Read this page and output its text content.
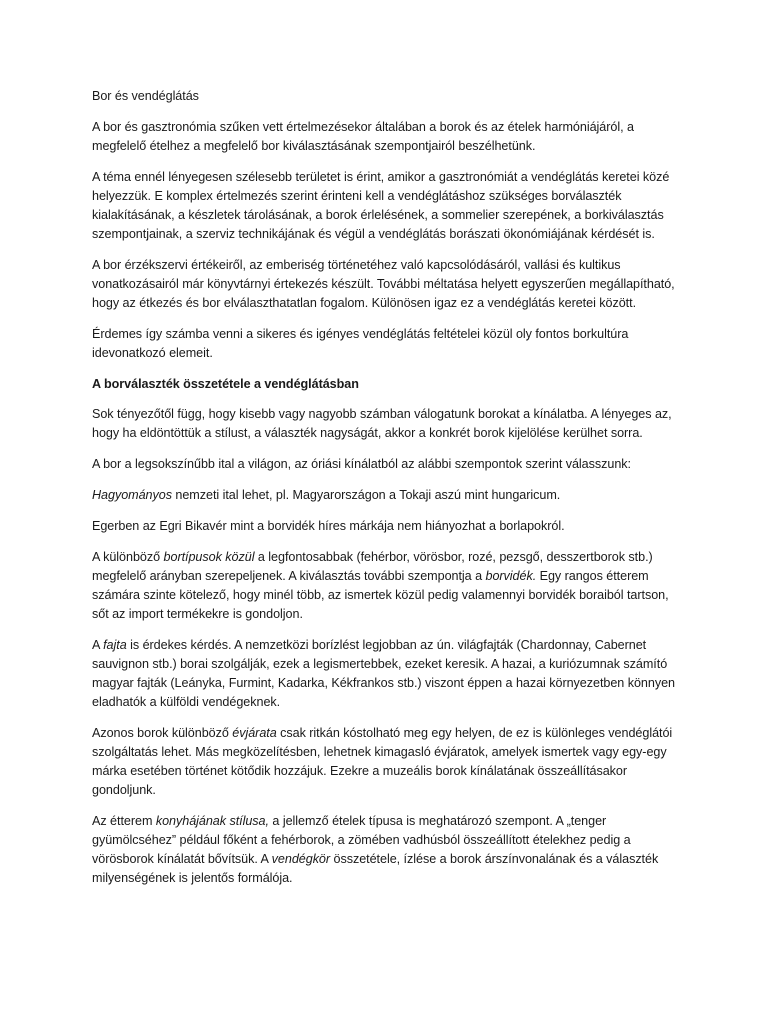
Bor és vendéglátás

A bor és gasztronómia szűken vett értelmezésekor általában a borok és az ételek harmóniájáról, a megfelelő ételhez a megfelelő bor kiválasztásának szempontjairól beszélhetünk.

A téma ennél lényegesen szélesebb területet is érint, amikor a gasztronómiát a vendéglátás keretei közé helyezzük. E komplex értelmezés szerint érinteni kell a vendéglátáshoz szükséges borválaszték kialakításának, a készletek tárolásának, a borok érlelésének, a sommelier szerepének, a borkiválasztás szempontjainak, a szerviz technikájának és végül a vendéglátás borászati ökonómiájának kérdését is.

A bor érzékszervi értékeiről, az emberiség történetéhez való kapcsolódásáról, vallási és kultikus vonatkozásairól már könyvtárnyi értekezés készült. További méltatása helyett egyszerűen megállapítható, hogy az étkezés és bor elválaszthatatlan fogalom. Különösen igaz ez a vendéglátás keretei között.

Érdemes így számba venni a sikeres és igényes vendéglátás feltételei közül oly fontos borkultúra idevonatkozó elemeit.

A borválaszték összetétele a vendéglátásban

Sok tényezőtől függ, hogy kisebb vagy nagyobb számban válogatunk borokat a kínálatba. A lényeges az, hogy ha eldöntöttük a stílust, a választék nagyságát, akkor a konkrét borok kijelölése kerülhet sorra.

A bor a legsokszínűbb ital a világon, az óriási kínálatból az alábbi szempontok szerint válasszunk:

Hagyományos nemzeti ital lehet, pl. Magyarországon a Tokaji aszú mint hungaricum.

Egerben az Egri Bikavér mint a borvidék híres márkája nem hiányozhat a borlapokról.

A különböző bortípusok közül a legfontosabbak (fehérbor, vörösbor, rozé, pezsgő, desszertborok stb.) megfelelő arányban szerepeljenek. A kiválasztás további szempontja a borvidék. Egy rangos étterem számára szinte kötelező, hogy minél több, az ismertek közül pedig valamennyi borvidék boraiból tartson, sőt az import termékekre is gondoljon.

A fajta is érdekes kérdés. A nemzetközi borízlést legjobban az ún. világfajták (Chardonnay, Cabernet sauvignon stb.) borai szolgálják, ezek a legismertebbek, ezeket keresik. A hazai, a kuriózumnak számító magyar fajták (Leányka, Furmint, Kadarka, Kékfrankos stb.) viszont éppen a hazai környezetben könnyen eladhatók a külföldi vendégeknek.

Azonos borok különböző évjárata csak ritkán kóstolható meg egy helyen, de ez is különleges vendéglátói szolgáltatás lehet. Más megközelítésben, lehetnek kimagasló évjáratok, amelyek ismertek vagy egy-egy márka esetében történet kötődik hozzájuk. Ezekre a muzeális borok kínálatának összeállításakor gondoljunk.

Az étterem konyhájának stílusa, a jellemző ételek típusa is meghatározó szempont. A „tenger gyümölcséhez” például főként a fehérborok, a zömében vadhúsból összeállított ételekhez pedig a vörösborok kínálatát bővítsük. A vendégkör összetétele, ízlése a borok árszínvonalának és a választék milyenségének is jelentős formálója.
